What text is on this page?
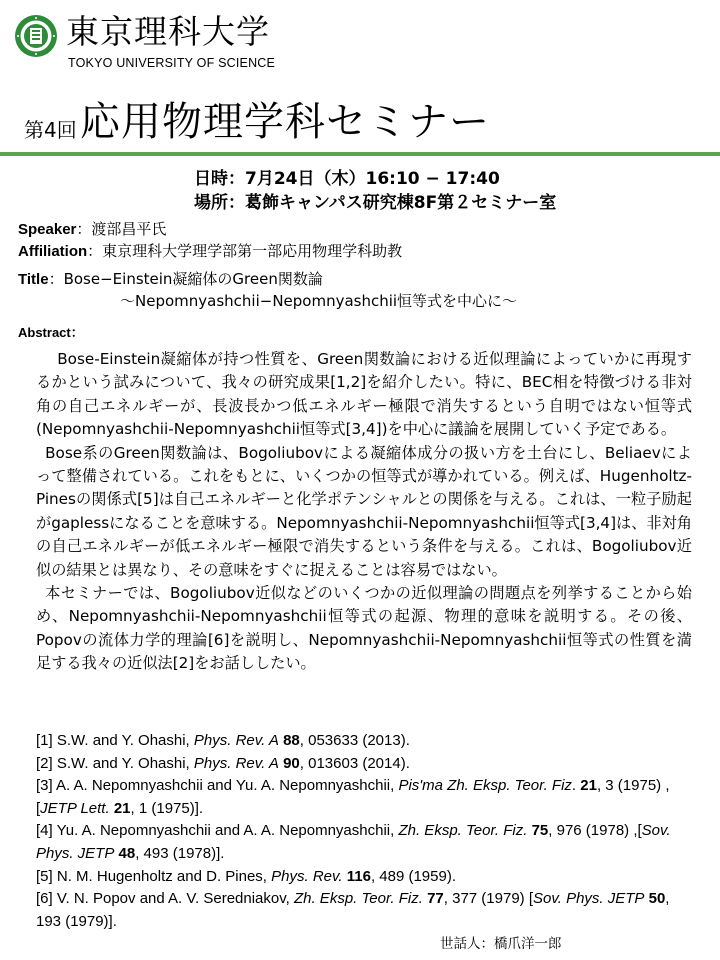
東京理科大学
TOKYO UNIVERSITY OF SCIENCE
第4回 応用物理学科セミナー
日時：7月24日（木）16:10 − 17:40
場所：葛飾キャンパス研究棟8F第２セミナー室
Speaker：渡部昌平氏
Affiliation：東京理科大学理学部第一部応用物理学科助教
Title：Bose−Einstein凝縮体のGreen関数論
〜Nepomnyashchii−Nepomnyashchii恒等式を中心に〜
Abstract：

Bose-Einstein凝縮体が持つ性質を、Green関数論における近似理論によっていかに再現するかという試みについて、我々の研究成果[1,2]を紹介したい。特に、BEC相を特徴づける非対角の自己エネルギーが、長波長かつ低エネルギー極限で消失するという自明ではない恒等式(Nepomnyashchii-Nepomnyashchii恒等式[3,4])を中心に議論を展開していく予定である。

Bose系のGreen関数論は、Bogoliubovによる凝縮体成分の扱い方を土台にし、Beliaevによって整備されている。これをもとに、いくつかの恒等式が導かれている。例えば、Hugenholtz-Pinesの関係式[5]は自己エネルギーと化学ポテンシャルとの関係を与える。これは、一粒子励起がgaplessになることを意味する。Nepomnyashchii-Nepomnyashchii恒等式[3,4]は、非対角の自己エネルギーが低エネルギー極限で消失するという条件を与える。これは、Bogoliubov近似の結果とは異なり、その意味をすぐに捉えることは容易ではない。

本セミナーでは、Bogoliubov近似などのいくつかの近似理論の問題点を列挙することから始め、Nepomnyashchii-Nepomnyashchii恒等式の起源、物理的意味を説明する。その後、Popovの流体力学的理論[6]を説明し、Nepomnyashchii-Nepomnyashchii恒等式の性質を満足する我々の近似法[2]をお話ししたい。

[1] S.W. and Y. Ohashi, Phys. Rev. A 88, 053633 (2013).

[2] S.W. and Y. Ohashi, Phys. Rev. A 90, 013603 (2014).

[3] A. A. Nepomnyashchii and Yu. A. Nepomnyashchii, Pis'ma Zh. Eksp. Teor. Fiz. 21, 3 (1975) ,[JETP Lett. 21, 1 (1975)].

[4] Yu. A. Nepomnyashchii and A. A. Nepomnyashchii, Zh. Eksp. Teor. Fiz. 75, 976 (1978) ,[Sov. Phys. JETP 48, 493 (1978)].

[5] N. M. Hugenholtz and D. Pines, Phys. Rev. 116, 489 (1959).

[6] V. N. Popov and A. V. Seredniakov, Zh. Eksp. Teor. Fiz. 77, 377 (1979) [Sov. Phys. JETP 50, 193 (1979)].

世話人：橋爪洋一郎
